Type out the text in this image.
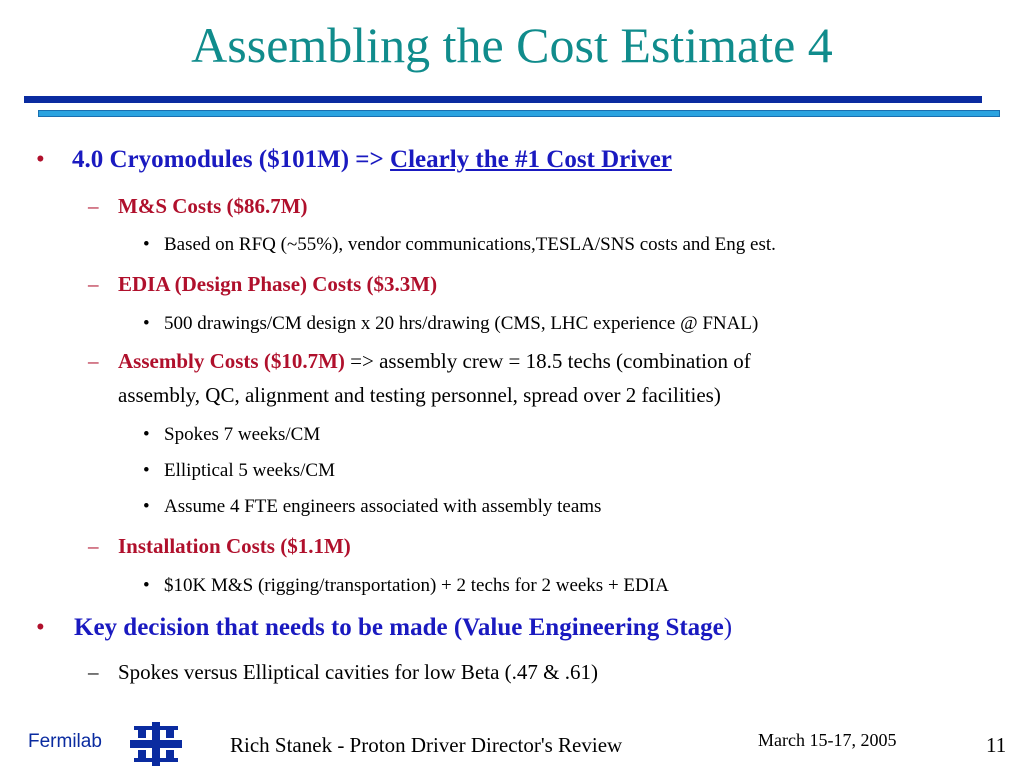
Assembling the Cost Estimate 4
• 4.0 Cryomodules ($101M) => Clearly the #1 Cost Driver
– M&S Costs ($86.7M)
• Based on RFQ (~55%), vendor communications,TESLA/SNS costs and Eng est.
– EDIA (Design Phase) Costs ($3.3M)
• 500 drawings/CM design x 20 hrs/drawing (CMS, LHC experience @ FNAL)
– Assembly Costs ($10.7M) => assembly crew = 18.5 techs (combination of
assembly, QC, alignment and testing personnel, spread over 2 facilities)
• Spokes 7 weeks/CM
• Elliptical 5 weeks/CM
• Assume 4 FTE engineers associated with assembly teams
– Installation Costs ($1.1M)
• $10K M&S (rigging/transportation) + 2 techs for 2 weeks + EDIA
• Key decision that needs to be made (Value Engineering Stage)
– Spokes versus Elliptical cavities for low Beta (.47 & .61)
Fermilab	Rich Stanek - Proton Driver Director's Review	March 15-17, 2005	11
